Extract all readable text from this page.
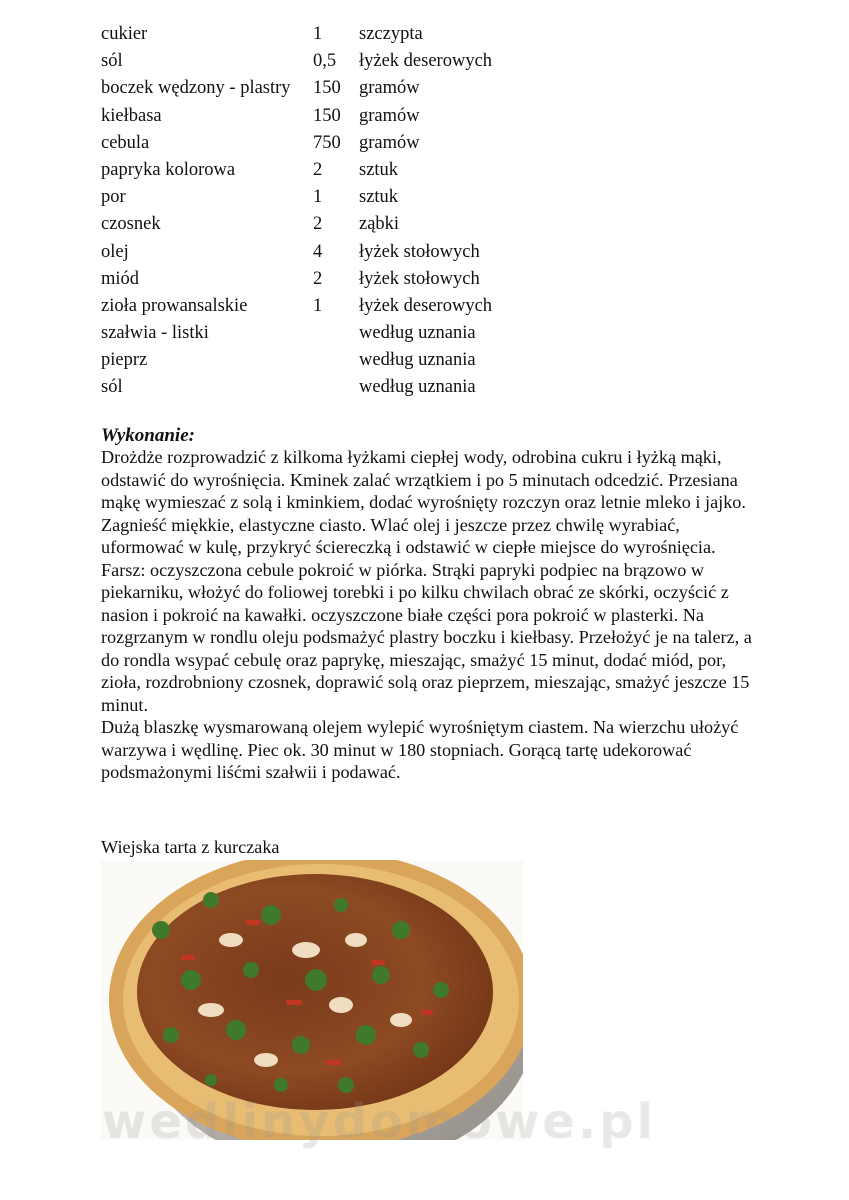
cukier	1 szczypta
sól	0,5 łyżek deserowych
boczek wędzony - plastry 150 gramów
kiełbasa	150 gramów
cebula	750 gramów
papryka kolorowa	2 sztuk
por	1 sztuk
czosnek	2 ząbki
olej	4 łyżek stołowych
miód	2 łyżek stołowych
zioła prowansalskie	1 łyżek deserowych
szałwia - listki	według uznania
pieprz	według uznania
sól	według uznania
Wykonanie:

Drożdże rozprowadzić z kilkoma łyżkami ciepłej wody, odrobina cukru i łyżką mąki, odstawić do wyrośnięcia. Kminek zalać wrzątkiem i po 5 minutach odcedzić. Przesiana mąkę wymieszać z solą i kminkiem, dodać wyrośnięty rozczyn oraz letnie mleko i jajko. Zagnieść miękkie, elastyczne ciasto. Wlać olej i jeszcze przez chwilę wyrabiać, uformować w kulę, przykryć ściereczką i odstawić w ciepłe miejsce do wyrośnięcia.

Farsz: oczyszczona cebule pokroić w piórka. Strąki papryki podpiec na brązowo w piekarniku, włożyć do foliowej torebki i po kilku chwilach obrać ze skórki, oczyścić z nasion i pokroić na kawałki. oczyszczone białe części pora pokroić w plasterki. Na rozgrzanym w rondlu oleju podsmażyć plastry boczku i kiełbasy. Przełożyć je na talerz, a do rondla wsypać cebulę oraz paprykę, mieszając, smażyć 15 minut, dodać miód, por, zioła, rozdrobniony czosnek, doprawić solą oraz pieprzem, mieszając, smażyć jeszcze 15 minut.

Dużą blaszkę wysmarowaną olejem wylepić wyrośniętym ciastem. Na wierzchu ułożyć warzywa i wędlinę. Piec ok. 30 minut w 180 stopniach. Gorącą tartę udekorować podsmażonymi liśćmi szałwii i podawać.

Wiejska tarta z kurczaka
wedlinydomowe.pl
